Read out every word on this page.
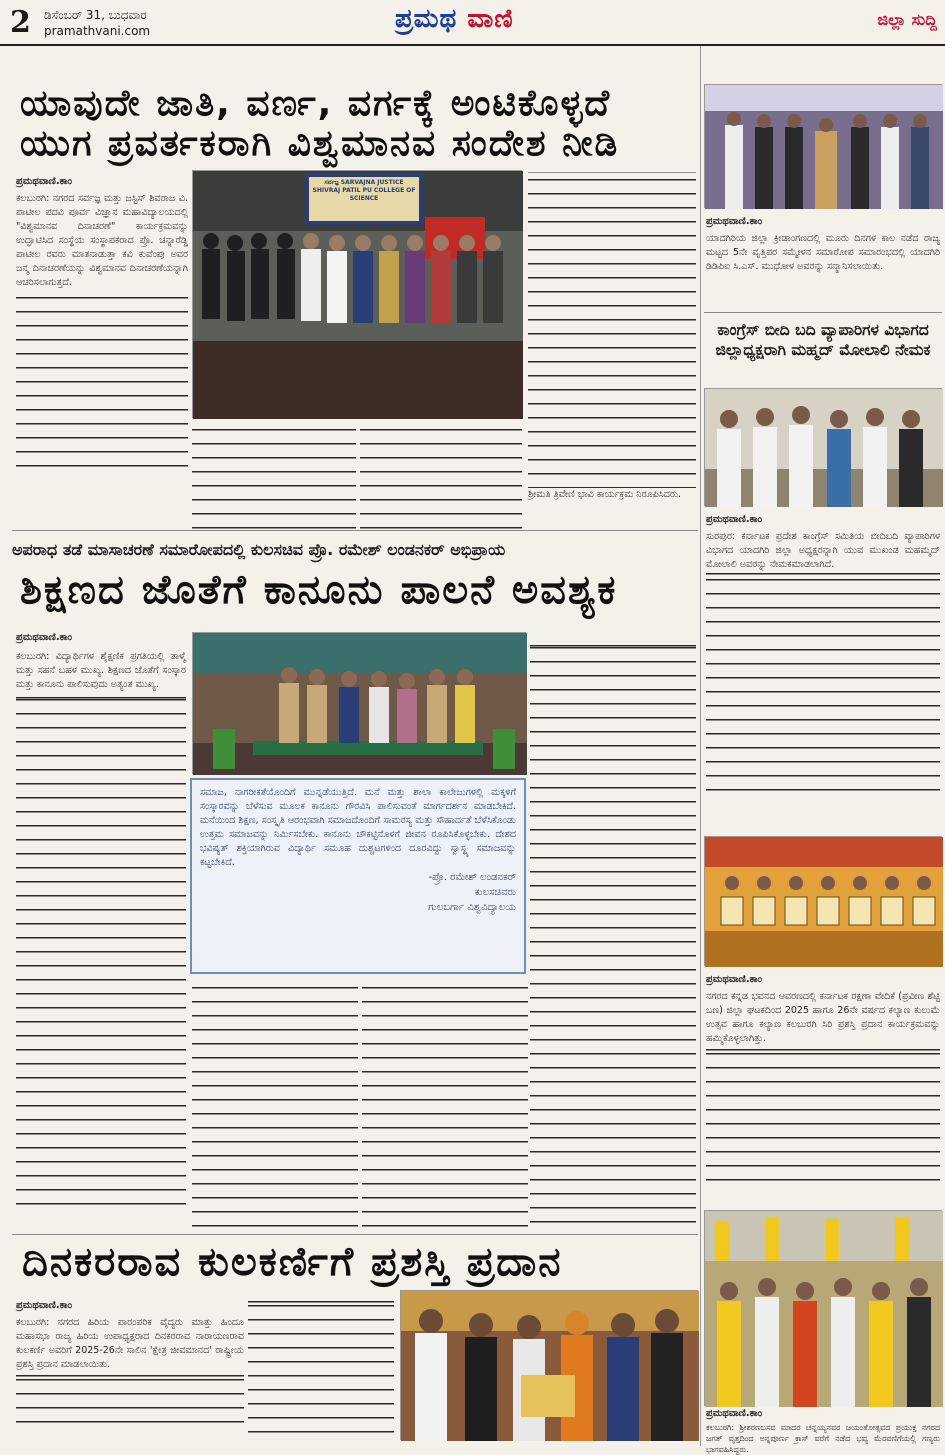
2 ಡಿಸೆಂಬರ್ 31, ಬುಧವಾರ
pramathvani.com	ಪ್ರಮಥ ವಾಣಿ	ಜಿಲ್ಲಾ ಸುದ್ದಿ
ಯಾವುದೇ ಜಾತಿ, ವರ್ಣ, ವರ್ಗಕ್ಕೆ ಅಂಟಿಕೊಳ್ಳದೆ
ಯುಗ ಪ್ರವರ್ತಕರಾಗಿ ವಿಶ್ವಮಾನವ ಸಂದೇಶ ನೀಡಿ
ಪ್ರಮಥವಾಣಿ.ಕಾಂ
ಕಲಬುರಗಿ: ನಗರದ ಸರ್ವಜ್ಞ ಮತ್ತು ಜಸ್ಟಿಸ್ ಶಿವರಾಜ ವಿ. ಪಾಟೀಲ ಪದವಿ ಪೂರ್ವ ವಿಜ್ಞಾನ ಮಹಾವಿದ್ಯಾಲಯದಲ್ಲಿ "ವಿಶ್ವಮಾನವ ದಿನಾಚರಣೆ" ಕಾರ್ಯಕ್ರಮವನ್ನು ಉದ್ಘಾಟಿಸಿದ ಸಂಸ್ಥೆಯ ಸಂಸ್ಥಾಪಕರಾದ ಪ್ರೊ. ಚನ್ನಾರೆಡ್ಡಿ ಪಾಟೀಲ ರವರು ಮಾತನಾಡುತ್ತಾ ಕವಿ ಕುವೆಂಪು ಅವರ ಜನ್ಮ ದಿನಾಚರಣೆಯನ್ನು ವಿಶ್ವಮಾನವ ದಿನಾಚರಣೆಯನ್ನಾಗಿ ಆಚರಿಸಲಾಗುತ್ತದೆ.
ಸರ್ವಜ್ಞ SARVAJNA JUSTICE SHIVRAJ PATIL PU COLLEGE OF SCIENCE
ಶ್ರೀಮತಿ ತ್ರಿವೇಣಿ ಭಾವಿ ಕಾರ್ಯಕ್ರಮ ನಿರೂಪಿಸಿದರು.
ಅಪರಾಧ ತಡೆ ಮಾಸಾಚರಣೆ ಸಮಾರೋಪದಲ್ಲಿ ಕುಲಸಚಿವ ಪ್ರೊ. ರಮೇಶ್ ಲಂಡನಕರ್ ಅಭಿಪ್ರಾಯ
ಶಿಕ್ಷಣದ ಜೊತೆಗೆ ಕಾನೂನು ಪಾಲನೆ ಅವಶ್ಯಕ
ಪ್ರಮಥವಾಣಿ.ಕಾಂ
ಕಲಬುರಗಿ: ವಿದ್ಯಾರ್ಥಿಗಳ ಶೈಕ್ಷಣಿಕ ಪ್ರಗತಿಯಲ್ಲಿ ತಾಳ್ಮೆ ಮತ್ತು ಸಹನೆ ಬಹಳ ಮುಖ್ಯ. ಶಿಕ್ಷಣದ ಜೊತೆಗೆ ಸಂಸ್ಕಾರ ಮತ್ತು ಕಾನೂನು ಪಾಲಿಸುವುದು ಅತ್ಯಂತ ಮುಖ್ಯ.
ಸಮಾಜ, ನಾಗರೀಕತೆಯೊಂದಿಗೆ ಮುನ್ನಡೆಯುತ್ತಿದೆ. ಮನೆ ಮತ್ತು ಶಾಲಾ ಕಾಲೇಜುಗಳಲ್ಲಿ ಮಕ್ಕಳಿಗೆ ಸಂಸ್ಕಾರವನ್ನು ಬೆಳೆಸುವ ಮೂಲಕ ಕಾನೂನು ಗೌರವಿಸಿ ಪಾಲಿಸುವಂತೆ ಮಾರ್ಗದರ್ಶನ ಮಾಡಬೇಕಿದೆ. ಮನೆಯಿಂದ ಶಿಕ್ಷಣ, ಸಂಸ್ಕೃತಿ ಆರಂಭವಾಗಿ ಸಮಾಜದೊಂದಿಗೆ ಸಾಮರಸ್ಯ ಮತ್ತು ಸೌಹಾರ್ದತೆ ಬೆಳೆಸಿಕೊಂಡು ಉತ್ತಮ ಸಮಾಜವನ್ನು ನಿರ್ಮಿಸಬೇಕು. ಕಾನೂನು ಚೌಕಟ್ಟಿನೊಳಗೆ ಜೀವನ ರೂಪಿಸಿಕೊಳ್ಳಬೇಕು. ದೇಶದ ಭವಿಷ್ಯತ್ ಶಕ್ತಿಯಾಗಿರುವ ವಿದ್ಯಾರ್ಥಿ ಸಮೂಹ ದುಶ್ಚಟಗಳಿಂದ ದೂರವಿದ್ದು ಸ್ವಾಸ್ಥ್ಯ ಸಮಾಜವನ್ನು ಕಟ್ಟಬೇಕಿದೆ.
-ಪ್ರೊ. ರಮೇಶ್ ಲಂಡನಕರ್
ಕುಲಸಚಿವರು
ಗುಲಬರ್ಗಾ ವಿಶ್ವವಿದ್ಯಾಲಯ
ದಿನಕರರಾವ ಕುಲಕರ್ಣಿಗೆ ಪ್ರಶಸ್ತಿ ಪ್ರದಾನ
ಪ್ರಮಥವಾಣಿ.ಕಾಂ
ಕಲಬುರಗಿ: ನಗರದ ಹಿರಿಯ ಪಾರಂಪರಿಕ ವೈದ್ಯರು ಮಾತ್ತು ಹಿಂದೂ ಮಹಾಸಭಾ ರಾಜ್ಯ ಹಿರಿಯ ಉಪಾಧ್ಯಕ್ಷರಾದ ದಿನಕರರಾವ ನಾರಾಯಣರಾವ ಕುಲಕರ್ಣಿ ಅವರಿಗೆ 2025-26ನೇ ಸಾಲಿನ 'ಕ್ಷೇತ್ರ ಜೀವಮಾನದ' ರಾಷ್ಟ್ರೀಯ ಪ್ರಶಸ್ತಿ ಪ್ರದಾನ ಮಾಡಲಾಯಿತು.
ಪ್ರಮಥವಾಣಿ.ಕಾಂ
ಯಾದಗಿರಿಯ ಜಿಲ್ಲಾ ಕ್ರೀಡಾಂಗಣದಲ್ಲಿ ಮೂರು ದಿನಗಳ ಕಾಲ ನಡೆದ ರಾಜ್ಯ ಮಟ್ಟದ 5ನೇ ವೃತ್ತಿಪರ ಸಮ್ಮೇಳನ ಸಮಾರೋಪ ಸಮಾರಂಭದಲ್ಲಿ ಯಾದಗಿರಿ ಡಿಡಿಪಿಐ ಸಿ.ಎಸ್. ಮುಧೋಳ ಅವರನ್ನು ಸನ್ಮಾನಿಸಲಾಯಿತು.
ಕಾಂಗ್ರೆಸ್ ಬೀದಿ ಬದಿ ವ್ಯಾಪಾರಿಗಳ ವಿಭಾಗದ ಜಿಲ್ಲಾಧ್ಯಕ್ಷರಾಗಿ ಮಹ್ಮದ್ ಮೋಲಾಲಿ ನೇಮಕ
ಪ್ರಮಥವಾಣಿ.ಕಾಂ
ಸುರಪುರ: ಕರ್ನಾಟಕ ಪ್ರದೇಶ ಕಾಂಗ್ರೆಸ್ ಸಮಿತಿಯ ಬೀದಿಬದಿ ವ್ಯಾಪಾರಿಗಳ ವಿಭಾಗದ ಯಾದಗಿರಿ ಜಿಲ್ಲಾ ಅಧ್ಯಕ್ಷರನ್ನಾಗಿ ಯುವ ಮುಖಂಡ ಮಹಮ್ಮದ್ ಮೋಲಾಲಿ ಅವರನ್ನು ನೇಮಕಮಾಡಲಾಗಿದೆ.
ಪ್ರಮಥವಾಣಿ.ಕಾಂ
ನಗರದ ಕನ್ನಡ ಭವನದ ಆವರಣದಲ್ಲಿ ಕರ್ನಾಟಕ ರಕ್ಷಣಾ ವೇದಿಕೆ (ಪ್ರವೀಣ ಶೆಟ್ಟಿ ಬಣ) ಜಿಲ್ಲಾ ಘಟಕದಿಂದ 2025 ಹಾಗೂ 26ನೇ ವರ್ಷದ ಕಲ್ಯಾಣ ಕುಲುಮೆ ಉತ್ಸವ ಹಾಗೂ ಕಲ್ಯಾಣ ಕಲಬುರಗಿ ಸಿರಿ ಪ್ರಶಸ್ತಿ ಪ್ರದಾನ ಕಾರ್ಯಕ್ರಮವನ್ನು ಹಮ್ಮಿಕೊಳ್ಳಲಾಗಿತ್ತು.
ಪ್ರಮಥವಾಣಿ.ಕಾಂ
ಕಲಬುರಗಿ: ಶ್ರೀಶರಣಬಸವ ಮಾದರ ಚನ್ನಯ್ಯನವರ ಜಯಂತೋತ್ಸವದ ಪ್ರಯುಕ್ತ ನಗರದ ಜಗತ್ ವೃತ್ತದಿಂದ ಅನ್ನಪೂರ್ಣ ಕ್ರಾಸ್ ವರೆಗೆ ನಡೆದ ಭವ್ಯ ಮೆರವಣಿಗೆಯಲ್ಲಿ ಗಣ್ಯರು ಭಾಗವಹಿಸಿದ್ದರು.
